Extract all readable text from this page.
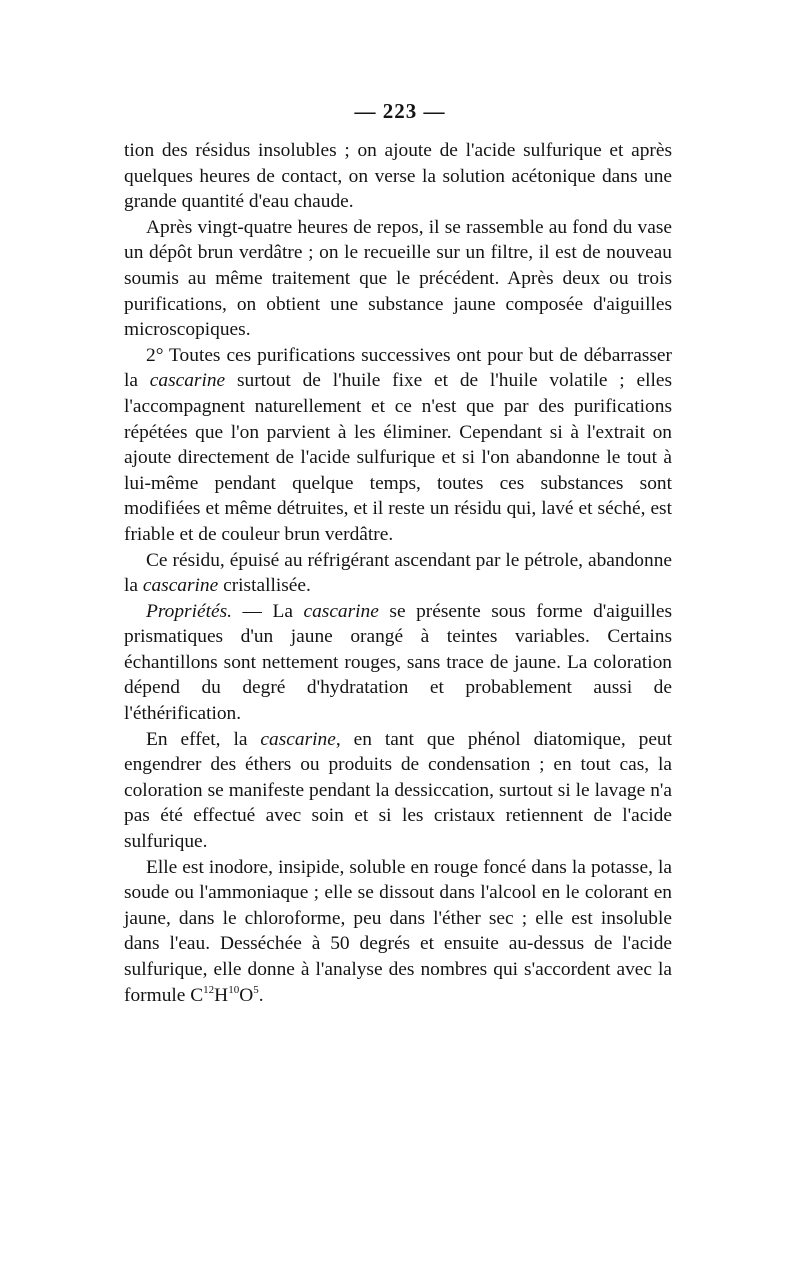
— 223 —

tion des résidus insolubles ; on ajoute de l'acide sulfurique et après quelques heures de contact, on verse la solution acétonique dans une grande quantité d'eau chaude.

Après vingt-quatre heures de repos, il se rassemble au fond du vase un dépôt brun verdâtre ; on le recueille sur un filtre, il est de nouveau soumis au même traitement que le précédent. Après deux ou trois purifications, on obtient une substance jaune composée d'aiguilles microscopiques.

2° Toutes ces purifications successives ont pour but de débarrasser la cascarine surtout de l'huile fixe et de l'huile volatile ; elles l'accompagnent naturellement et ce n'est que par des purifications répétées que l'on parvient à les éliminer. Cependant si à l'extrait on ajoute directement de l'acide sulfurique et si l'on abandonne le tout à lui-même pendant quelque temps, toutes ces substances sont modifiées et même détruites, et il reste un résidu qui, lavé et séché, est friable et de couleur brun verdâtre.

Ce résidu, épuisé au réfrigérant ascendant par le pétrole, abandonne la cascarine cristallisée.

Propriétés. — La cascarine se présente sous forme d'aiguilles prismatiques d'un jaune orangé à teintes variables. Certains échantillons sont nettement rouges, sans trace de jaune. La coloration dépend du degré d'hydratation et probablement aussi de l'éthérification.

En effet, la cascarine, en tant que phénol diatomique, peut engendrer des éthers ou produits de condensation ; en tout cas, la coloration se manifeste pendant la dessiccation, surtout si le lavage n'a pas été effectué avec soin et si les cristaux retiennent de l'acide sulfurique.

Elle est inodore, insipide, soluble en rouge foncé dans la potasse, la soude ou l'ammoniaque ; elle se dissout dans l'alcool en le colorant en jaune, dans le chloroforme, peu dans l'éther sec ; elle est insoluble dans l'eau. Desséchée à 50 degrés et ensuite au-dessus de l'acide sulfurique, elle donne à l'analyse des nombres qui s'accordent avec la formule $C^{12}H^{10}O^5$.
